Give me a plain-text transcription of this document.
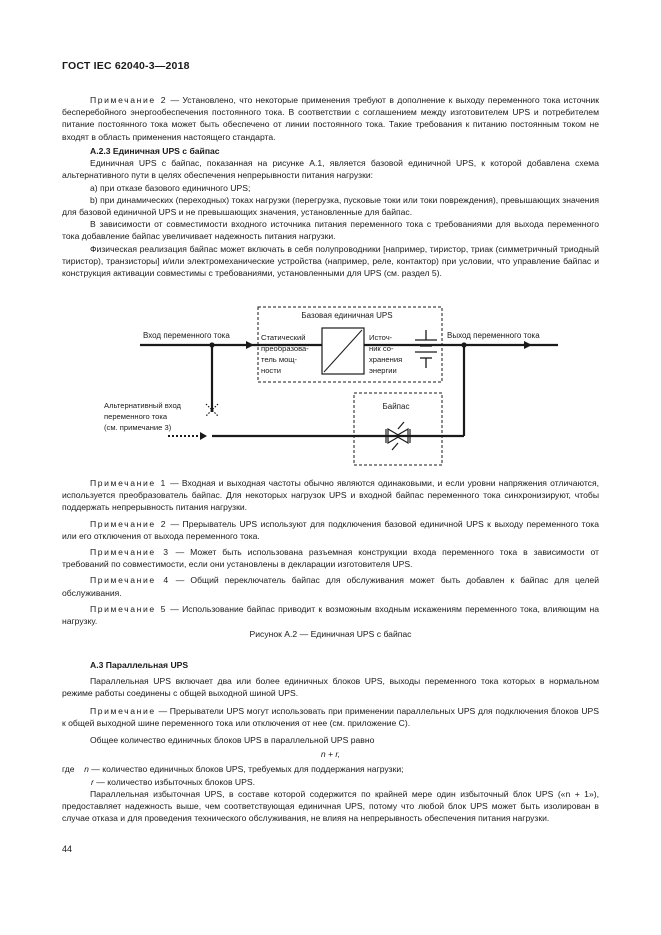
ГОСТ IEC 62040-3—2018

Примечание 2 — Установлено, что некоторые применения требуют в дополнение к выходу переменного тока источник бесперебойного энергообеспечения постоянного тока. В соответствии с соглашением между изготовителем UPS и потребителем питание постоянного тока может быть обеспечено от линии постоянного тока. Такие требования к питанию постоянным током не входят в область применения настоящего стандарта.

А.2.3 Единичная UPS с байпас

Единичная UPS с байпас, показанная на рисунке А.1, является базовой единичной UPS, к которой добавлена схема альтернативного пути в целях обеспечения непрерывности питания нагрузки:

а) при отказе базового единичного UPS;

b) при динамических (переходных) токах нагрузки (перегрузка, пусковые токи или токи повреждения), превышающих значения для базовой единичной UPS и не превышающих значения, установленные для байпас.

В зависимости от совместимости входного источника питания переменного тока с требованиями для выхода переменного тока добавление байпас увеличивает надежность питания нагрузки.

Физическая реализация байпас может включать в себя полупроводники [например, тиристор, триак (симметричный триодный тиристор), транзисторы] и/или электромеханические устройства (например, реле, контактор) при условии, что управление байпас и конструкция активации совместимы с требованиями, установленными для UPS (см. раздел 5).

Базовая единичная UPS
Вход переменного тока	Выход переменного тока
Статический преобразова- тель мощ- ности
Источ- ник со- хранения энергии
Байпас
Альтернативный вход переменного тока (см. примечание 3)

Примечание 1 — Входная и выходная частоты обычно являются одинаковыми, и если уровни напряжения отличаются, используется преобразователь байпас. Для некоторых нагрузок UPS и входной байпас переменного тока синхронизируют, чтобы поддержать непрерывность питания нагрузки.

Примечание 2 — Прерыватель UPS используют для подключения базовой единичной UPS к выходу переменного тока или его отключения от выхода переменного тока.

Примечание 3 — Может быть использована разъемная конструкции входа переменного тока в зависимости от требований по совместимости, если они установлены в декларации изготовителя UPS.

Примечание 4 — Общий переключатель байпас для обслуживания может быть добавлен к байпас для целей обслуживания.

Примечание 5 — Использование байпас приводит к возможным входным искажениям переменного тока, влияющим на нагрузку.

Рисунок А.2 — Единичная UPS с байпас

А.3 Параллельная UPS

Параллельная UPS включает два или более единичных блоков UPS, выходы переменного тока которых в нормальном режиме работы соединены с общей выходной шиной UPS.

Примечание — Прерыватели UPS могут использовать при применении параллельных UPS для подключения блоков UPS к общей выходной шине переменного тока или отключения от нее (см. приложение С).

Общее количество единичных блоков UPS в параллельной UPS равно

n + r,

где n — количество единичных блоков UPS, требуемых для поддержания нагрузки;

r — количество избыточных блоков UPS.

Параллельная избыточная UPS, в составе которой содержится по крайней мере один избыточный блок UPS («n + 1»), предоставляет надежность выше, чем соответствующая единичная UPS, потому что любой блок UPS может быть изолирован в случае отказа и для проведения технического обслуживания, не влияя на непрерывность обеспечения питания нагрузки.

44
